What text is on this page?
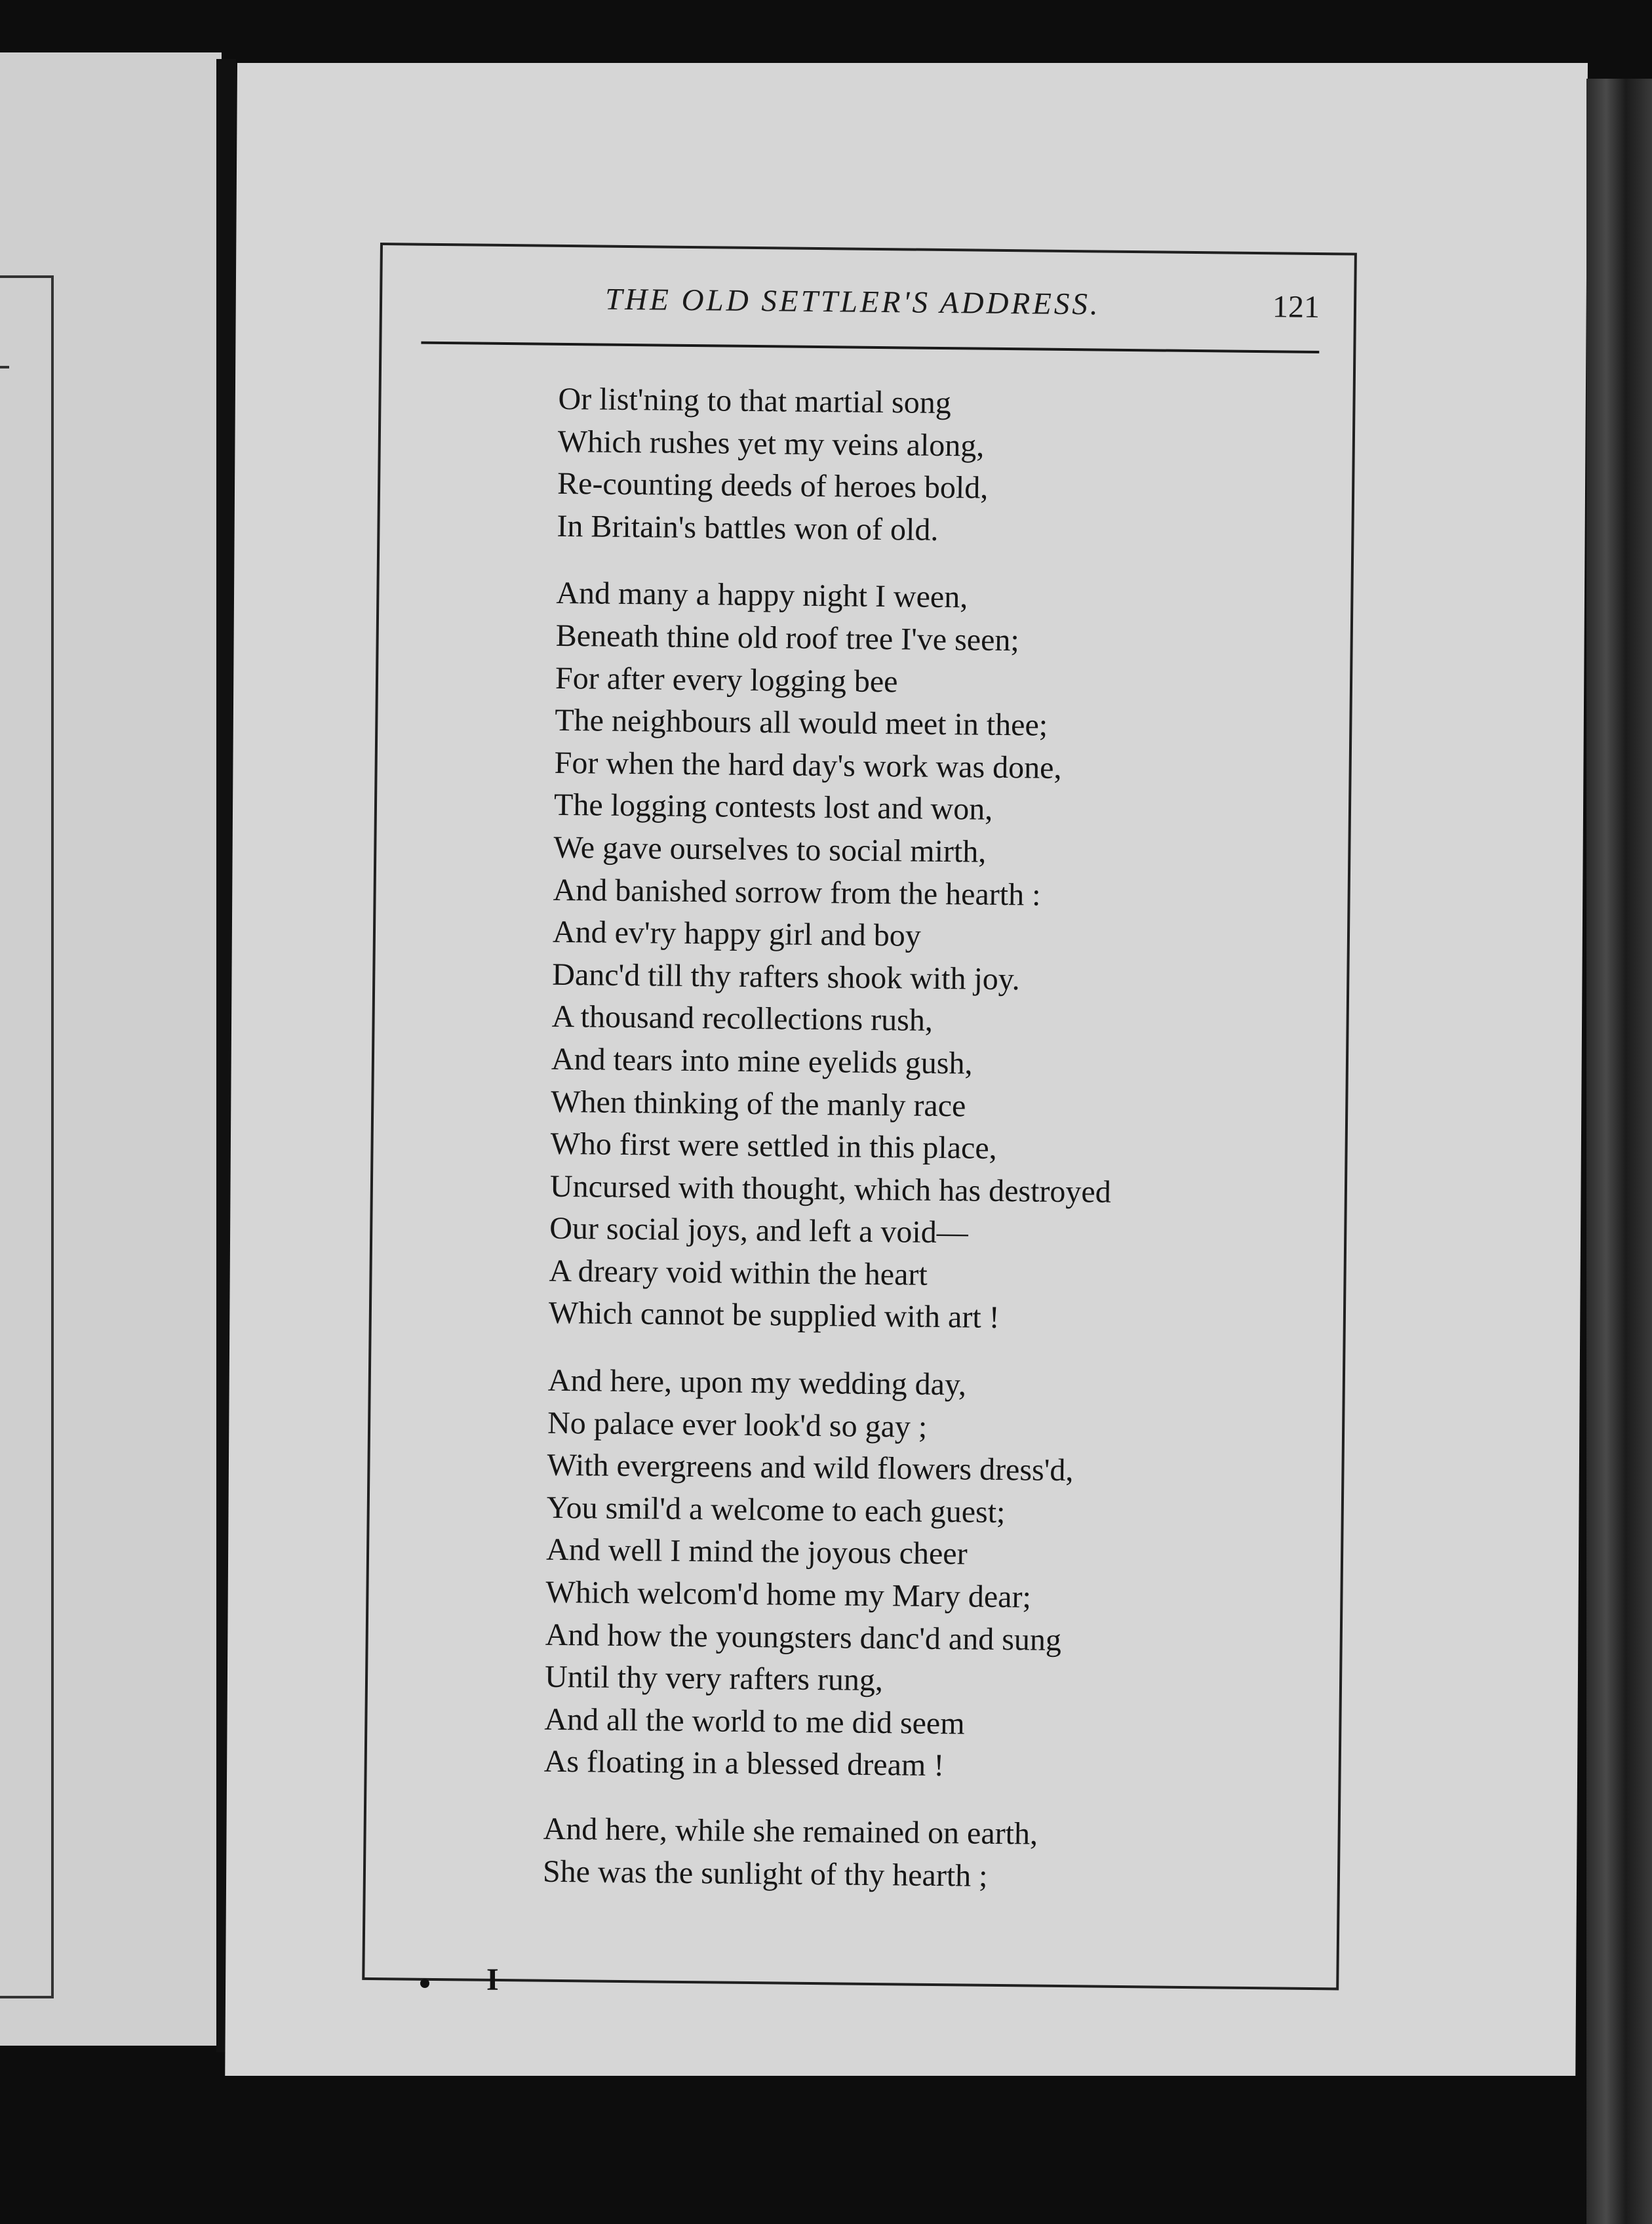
THE OLD SETTLER'S ADDRESS.	121
Or list'ning to that martial song
Which rushes yet my veins along,
Re-counting deeds of heroes bold,
In Britain's battles won of old.
And many a happy night I ween,
Beneath thine old roof tree I've seen;
For after every logging bee
The neighbours all would meet in thee;
For when the hard day's work was done,
The logging contests lost and won,
We gave ourselves to social mirth,
And banished sorrow from the hearth :
And ev'ry happy girl and boy
Danc'd till thy rafters shook with joy.
A thousand recollections rush,
And tears into mine eyelids gush,
When thinking of the manly race
Who first were settled in this place,
Uncursed with thought, which has destroyed
Our social joys, and left a void—
A dreary void within the heart
Which cannot be supplied with art !
And here, upon my wedding day,
No palace ever look'd so gay ;
With evergreens and wild flowers dress'd,
You smil'd a welcome to each guest;
And well I mind the joyous cheer
Which welcom'd home my Mary dear;
And how the youngsters danc'd and sung
Until thy very rafters rung,
And all the world to me did seem
As floating in a blessed dream !
And here, while she remained on earth,
She was the sunlight of thy hearth ;
I
